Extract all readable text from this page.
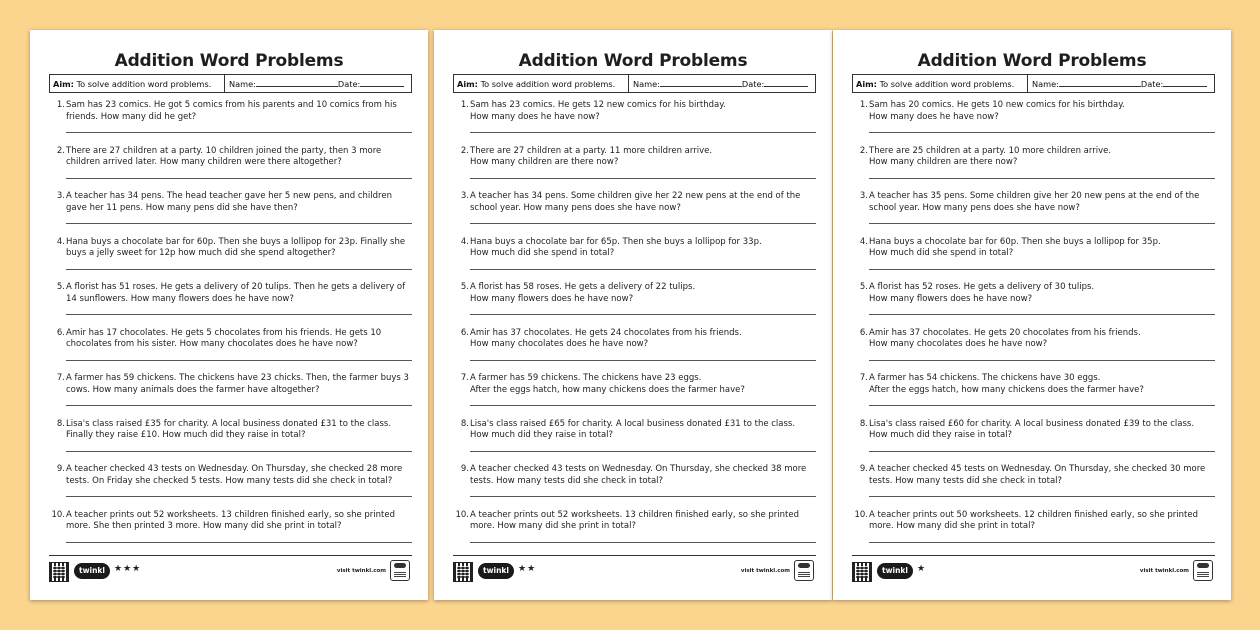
Addition Word Problems
Aim: To solve addition word problems.	Name:	Date:
1. Sam has 23 comics. He got 5 comics from his parents and 10 comics from his friends. How many did he get?
2. There are 27 children at a party. 10 children joined the party, then 3 more children arrived later. How many children were there altogether?
3. A teacher has 34 pens. The head teacher gave her 5 new pens, and children gave her 11 pens. How many pens did she have then?
4. Hana buys a chocolate bar for 60p. Then she buys a lollipop for 23p. Finally she buys a jelly sweet for 12p how much did she spend altogether?
5. A florist has 51 roses. He gets a delivery of 20 tulips. Then he gets a delivery of 14 sunflowers. How many flowers does he have now?
6. Amir has 17 chocolates. He gets 5 chocolates from his friends. He gets 10 chocolates from his sister. How many chocolates does he have now?
7. A farmer has 59 chickens. The chickens have 23 chicks. Then, the farmer buys 3 cows. How many animals does the farmer have altogether?
8. Lisa's class raised £35 for charity. A local business donated £31 to the class. Finally they raise £10. How much did they raise in total?
9. A teacher checked 43 tests on Wednesday. On Thursday, she checked 28 more tests. On Friday she checked 5 tests. How many tests did she check in total?
10. A teacher prints out 52 worksheets. 13 children finished early, so she printed more. She then printed 3 more. How many did she print in total?
twinkl	★★★	visit twinkl.com
Addition Word Problems
Aim: To solve addition word problems.	Name:	Date:
1. Sam has 23 comics. He gets 12 new comics for his birthday.
How many does he have now?
2. There are 27 children at a party. 11 more children arrive.
How many children are there now?
3. A teacher has 34 pens. Some children give her 22 new pens at the end of the school year. How many pens does she have now?
4. Hana buys a chocolate bar for 65p. Then she buys a lollipop for 33p.
How much did she spend in total?
5. A florist has 58 roses. He gets a delivery of 22 tulips.
How many flowers does he have now?
6. Amir has 37 chocolates. He gets 24 chocolates from his friends.
How many chocolates does he have now?
7. A farmer has 59 chickens. The chickens have 23 eggs.
After the eggs hatch, how many chickens does the farmer have?
8. Lisa's class raised £65 for charity. A local business donated £31 to the class.
How much did they raise in total?
9. A teacher checked 43 tests on Wednesday. On Thursday, she checked 38 more tests. How many tests did she check in total?
10. A teacher prints out 52 worksheets. 13 children finished early, so she printed more. How many did she print in total?
twinkl	★★	visit twinkl.com
Addition Word Problems
Aim: To solve addition word problems.	Name:	Date:
1. Sam has 20 comics. He gets 10 new comics for his birthday.
How many does he have now?
2. There are 25 children at a party. 10 more children arrive.
How many children are there now?
3. A teacher has 35 pens. Some children give her 20 new pens at the end of the school year. How many pens does she have now?
4. Hana buys a chocolate bar for 60p. Then she buys a lollipop for 35p.
How much did she spend in total?
5. A florist has 52 roses. He gets a delivery of 30 tulips.
How many flowers does he have now?
6. Amir has 37 chocolates. He gets 20 chocolates from his friends.
How many chocolates does he have now?
7. A farmer has 54 chickens. The chickens have 30 eggs.
After the eggs hatch, how many chickens does the farmer have?
8. Lisa's class raised £60 for charity. A local business donated £39 to the class.
How much did they raise in total?
9. A teacher checked 45 tests on Wednesday. On Thursday, she checked 30 more tests. How many tests did she check in total?
10. A teacher prints out 50 worksheets. 12 children finished early, so she printed more. How many did she print in total?
twinkl	★	visit twinkl.com
